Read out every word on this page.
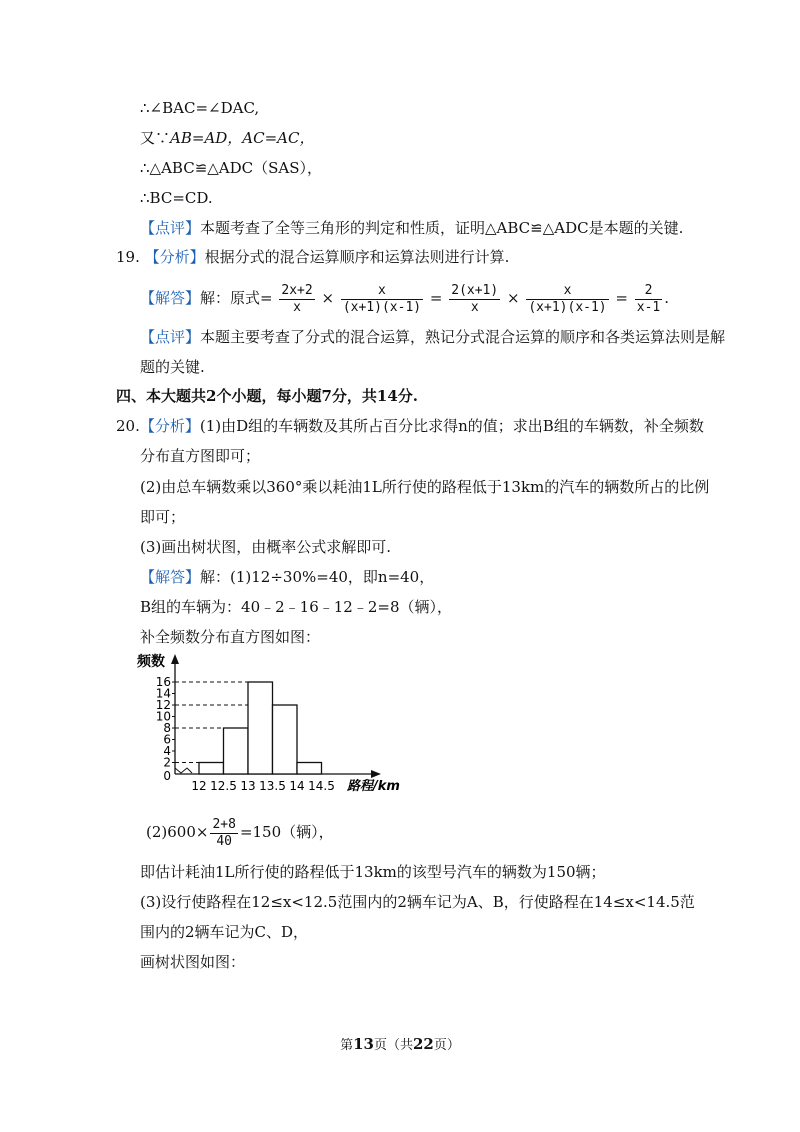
∴∠BAC=∠DAC,
又∵AB=AD，AC=AC，
∴△ABC≌△ADC（SAS），
∴BC=CD.
【点评】本题考查了全等三角形的判定和性质，证明△ABC≌△ADC是本题的关键.
19. 【分析】根据分式的混合运算顺序和运算法则进行计算.
【解答】解：原式= $\frac{2x+2}{x} \times \frac{x}{(x+1)(x-1)} = \frac{2(x+1)}{x} \times \frac{x}{(x+1)(x-1)} = \frac{2}{x-1}$ .
【点评】本题主要考查了分式的混合运算，熟记分式混合运算的顺序和各类运算法则是解
题的关键.
四、本大题共2个小题，每小题7分，共14分.
20.【分析】(1)由D组的车辆数及其所占百分比求得n的值；求出B组的车辆数，补全频数
分布直方图即可；
(2)由总车辆数乘以360°乘以耗油1L所行使的路程低于13km的汽车的辆数所占的比例
即可；
(3)画出树状图，由概率公式求解即可.
【解答】解：(1)12÷30%=40，即n=40，
B组的车辆为：40﹣2﹣16﹣12﹣2=8（辆），
补全频数分布直方图如图：
频数
0
2
4
6
8
10
12
14
16
12 12.5 13 13.5 14 14.5 路程/km
$(2)600\times \frac{2+8}{40} =150$（辆），
即估计耗油1L所行使的路程低于13km的该型号汽车的辆数为150辆；
(3)设行使路程在12≤x<12.5范围内的2辆车记为A、B，行使路程在14≤x<14.5范
围内的2辆车记为C、D，
画树状图如图：
第13页（共22页）
